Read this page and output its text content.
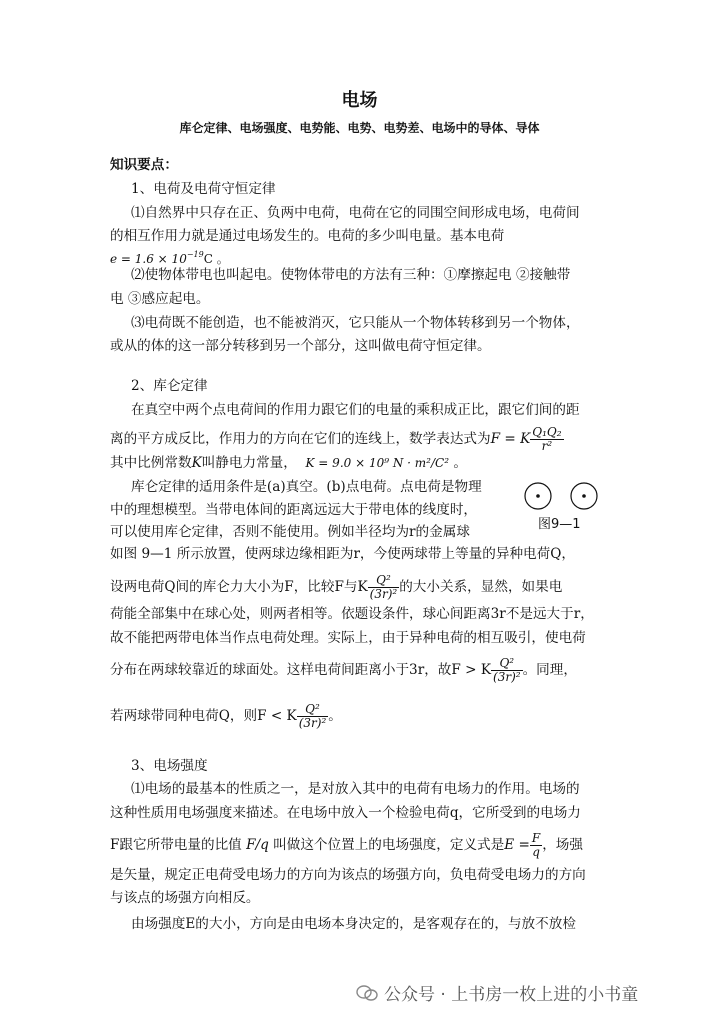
电场
库仑定律、电场强度、电势能、电势、电势差、电场中的导体、导体
知识要点：
1、电荷及电荷守恒定律
⑴自然界中只存在正、负两中电荷，电荷在它的同围空间形成电场，电荷间
的相互作用力就是通过电场发生的。电荷的多少叫电量。基本电荷
$e = 1.6 \times 10^{-19}C$ 。
⑵使物体带电也叫起电。使物体带电的方法有三种：①摩擦起电 ②接触带
电 ③感应起电。
⑶电荷既不能创造，也不能被消灭，它只能从一个物体转移到另一个物体，
或从的体的这一部分转移到另一个部分，这叫做电荷守恒定律。
2、库仑定律
在真空中两个点电荷间的作用力跟它们的电量的乘积成正比，跟它们间的距
离的平方成反比，作用力的方向在它们的连线上，数学表达式为F = K $\frac{\text{Q₁Q₂}}{\text{r²}}$
其中比例常数K叫静电力常量， K = 9.0 × 10⁹ N · m²/C² 。
库仑定律的适用条件是(a)真空。(b)点电荷。点电荷是物理
中的理想模型。当带电体间的距离远远大于带电体的线度时，
可以使用库仑定律，否则不能使用。例如半径均为r的金属球
如图 9—1 所示放置，使两球边缘相距为r，今使两球带上等量的异种电荷Q，
图9—1
设两电荷Q间的库仑力大小为F，比较F与K $\frac{\text{Q²}}{\text{(3r)²}}$ 的大小关系，显然，如果电
荷能全部集中在球心处，则两者相等。依题设条件，球心间距离3r不是远大于r，
故不能把两带电体当作点电荷处理。实际上，由于异种电荷的相互吸引，使电荷
分布在两球较靠近的球面处。这样电荷间距离小于3r，故F > K $\frac{\text{Q²}}{\text{(3r)²}}$ 。同理，
若两球带同种电荷Q，则F < K $\frac{\text{Q²}}{\text{(3r)²}}$ 。
3、电场强度
⑴电场的最基本的性质之一，是对放入其中的电荷有电场力的作用。电场的
这种性质用电场强度来描述。在电场中放入一个检验电荷q，它所受到的电场力
F跟它所带电量的比值 F/q 叫做这个位置上的电场强度，定义式是$E = \frac{F}{q}$ ，场强
是矢量，规定正电荷受电场力的方向为该点的场强方向，负电荷受电场力的方向
与该点的场强方向相反。
由场强度E的大小，方向是由电场本身决定的，是客观存在的，与放不放检
公众号 · 上书房一枚上进的小书童
